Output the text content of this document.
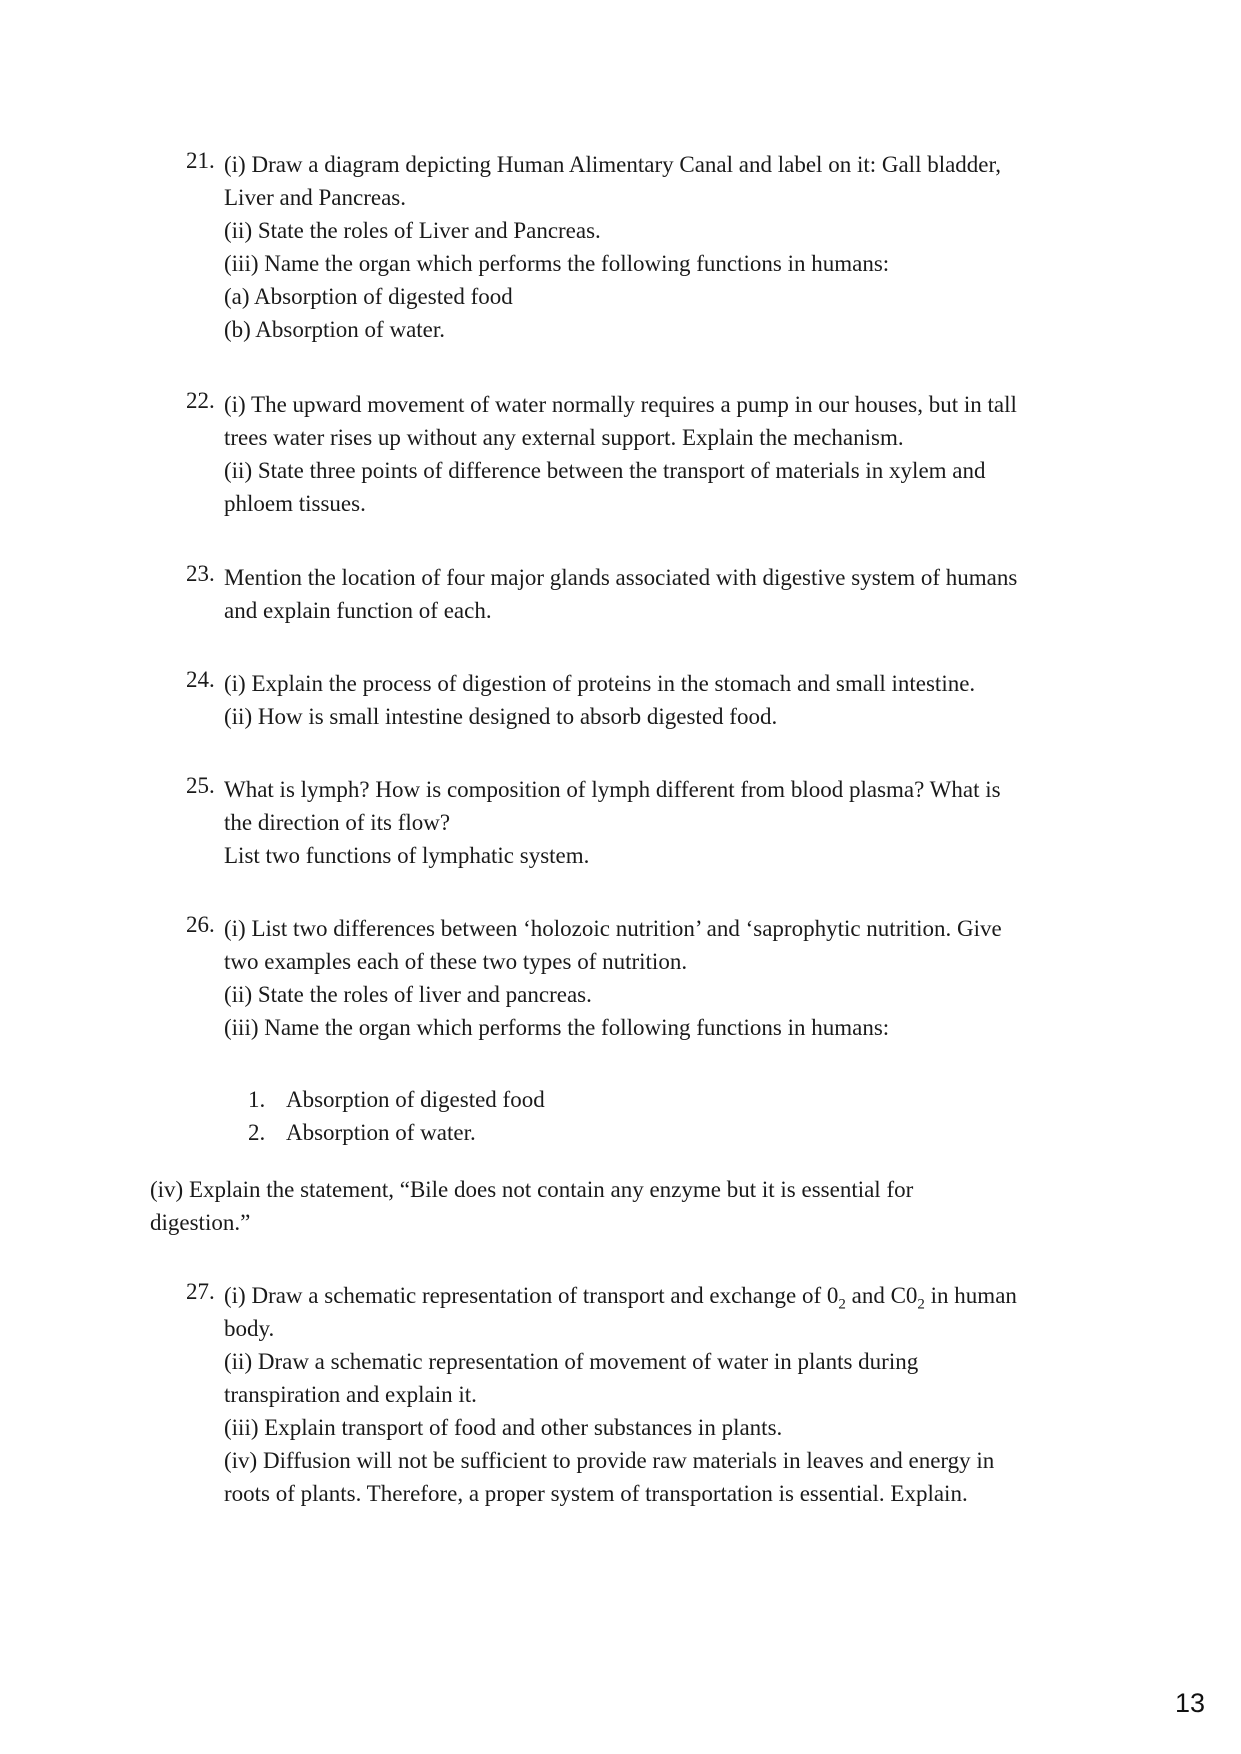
21. (i) Draw a diagram depicting Human Alimentary Canal and label on it: Gall bladder,
Liver and Pancreas.
(ii) State the roles of Liver and Pancreas.
(iii) Name the organ which performs the following functions in humans:
(a) Absorption of digested food
(b) Absorption of water.
22. (i) The upward movement of water normally requires a pump in our houses, but in tall
trees water rises up without any external support. Explain the mechanism.
(ii) State three points of difference between the transport of materials in xylem and
phloem tissues.
23. Mention the location of four major glands associated with digestive system of humans
and explain function of each.
24. (i) Explain the process of digestion of proteins in the stomach and small intestine.
(ii) How is small intestine designed to absorb digested food.
25. What is lymph? How is composition of lymph different from blood plasma? What is
the direction of its flow?
List two functions of lymphatic system.
26. (i) List two differences between ‘holozoic nutrition’ and ‘saprophytic nutrition. Give
two examples each of these two types of nutrition.
(ii) State the roles of liver and pancreas.
(iii) Name the organ which performs the following functions in humans:
1. Absorption of digested food
2. Absorption of water.
(iv) Explain the statement, “Bile does not contain any enzyme but it is essential for
digestion.”
27. (i) Draw a schematic representation of transport and exchange of $0_2$ and $C0_2$ in human
body.
(ii) Draw a schematic representation of movement of water in plants during
transpiration and explain it.
(iii) Explain transport of food and other substances in plants.
(iv) Diffusion will not be sufficient to provide raw materials in leaves and energy in
roots of plants. Therefore, a proper system of transportation is essential. Explain.
13
